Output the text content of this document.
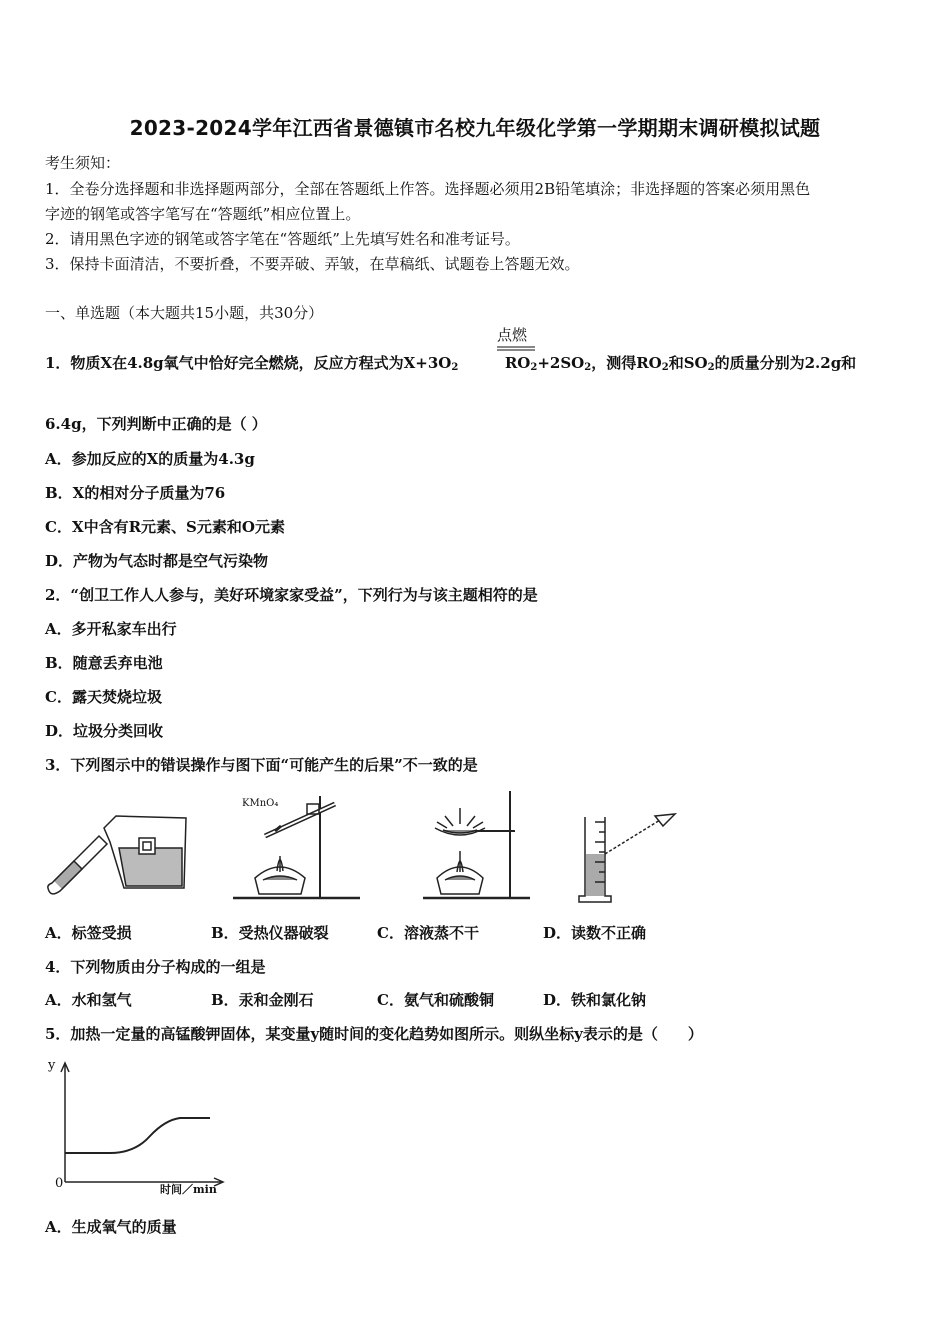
2023-2024学年江西省景德镇市名校九年级化学第一学期期末调研模拟试题
考生须知：
1．全卷分选择题和非选择题两部分，全部在答题纸上作答。选择题必须用2B铅笔填涂；非选择题的答案必须用黑色
字迹的钢笔或答字笔写在“答题纸”相应位置上。
2．请用黑色字迹的钢笔或答字笔在“答题纸”上先填写姓名和准考证号。
3．保持卡面清洁，不要折叠，不要弄破、弄皱，在草稿纸、试题卷上答题无效。
一、单选题（本大题共15小题，共30分）
1．物质X在4.8g氧气中恰好完全燃烧，反应方程式为$X+3O_2$	$RO_2+2SO_2$，测得$RO_2$和$SO_2$的质量分别为2.2g和
点燃
6.4g，下列判断中正确的是（ ）
A．参加反应的X的质量为4.3g
B．X的相对分子质量为76
C．X中含有R元素、S元素和O元素
D．产物为气态时都是空气污染物
2．“创卫工作人人参与，美好环境家家受益”，下列行为与该主题相符的是
A．多开私家车出行
B．随意丢弃电池
C．露天焚烧垃圾
D．垃圾分类回收
3．下列图示中的错误操作与图下面“可能产生的后果”不一致的是
KMnO₄
A．标签受损	B．受热仪器破裂	C．溶液蒸不干	D．读数不正确
4．下列物质由分子构成的一组是
A．水和氢气	B．汞和金刚石	C．氨气和硫酸铜	D．铁和氯化钠
5．加热一定量的高锰酸钾固体，某变量y随时间的变化趋势如图所示。则纵坐标y表示的是（　　）
y
0	时间／min
A．生成氧气的质量
